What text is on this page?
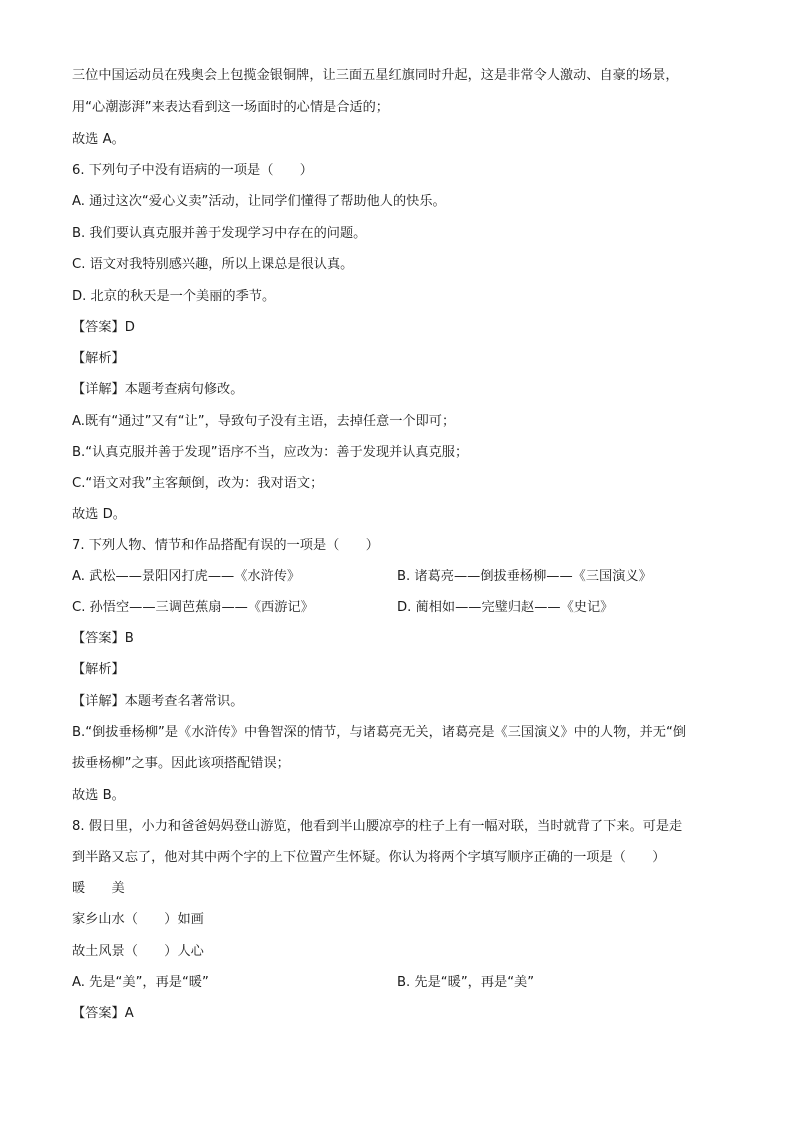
三位中国运动员在残奥会上包揽金银铜牌，让三面五星红旗同时升起，这是非常令人激动、自豪的场景，
用“心潮澎湃”来表达看到这一场面时的心情是合适的；
故选 A。
6. 下列句子中没有语病的一项是（　　）
A. 通过这次“爱心义卖”活动，让同学们懂得了帮助他人的快乐。
B. 我们要认真克服并善于发现学习中存在的问题。
C. 语文对我特别感兴趣，所以上课总是很认真。
D. 北京的秋天是一个美丽的季节。
【答案】D
【解析】
【详解】本题考查病句修改。
A.既有“通过”又有“让”，导致句子没有主语，去掉任意一个即可；
B.“认真克服并善于发现”语序不当，应改为：善于发现并认真克服；
C.“语文对我”主客颠倒，改为：我对语文；
故选 D。
7. 下列人物、情节和作品搭配有误的一项是（　　）
A. 武松——景阳冈打虎——《水浒传》	B. 诸葛亮——倒拔垂杨柳——《三国演义》
C. 孙悟空——三调芭蕉扇——《西游记》	D. 蔺相如——完璧归赵——《史记》
【答案】B
【解析】
【详解】本题考查名著常识。
B.“倒拔垂杨柳”是《水浒传》中鲁智深的情节，与诸葛亮无关，诸葛亮是《三国演义》中的人物，并无“倒
拔垂杨柳”之事。因此该项搭配错误；
故选 B。
8. 假日里，小力和爸爸妈妈登山游览，他看到半山腰凉亭的柱子上有一幅对联，当时就背了下来。可是走
到半路又忘了，他对其中两个字的上下位置产生怀疑。你认为将两个字填写顺序正确的一项是（　　）
暖　　美
家乡山水（　　）如画
故土风景（　　）人心
A. 先是“美”，再是“暖”	B. 先是“暖”，再是“美”
【答案】A
